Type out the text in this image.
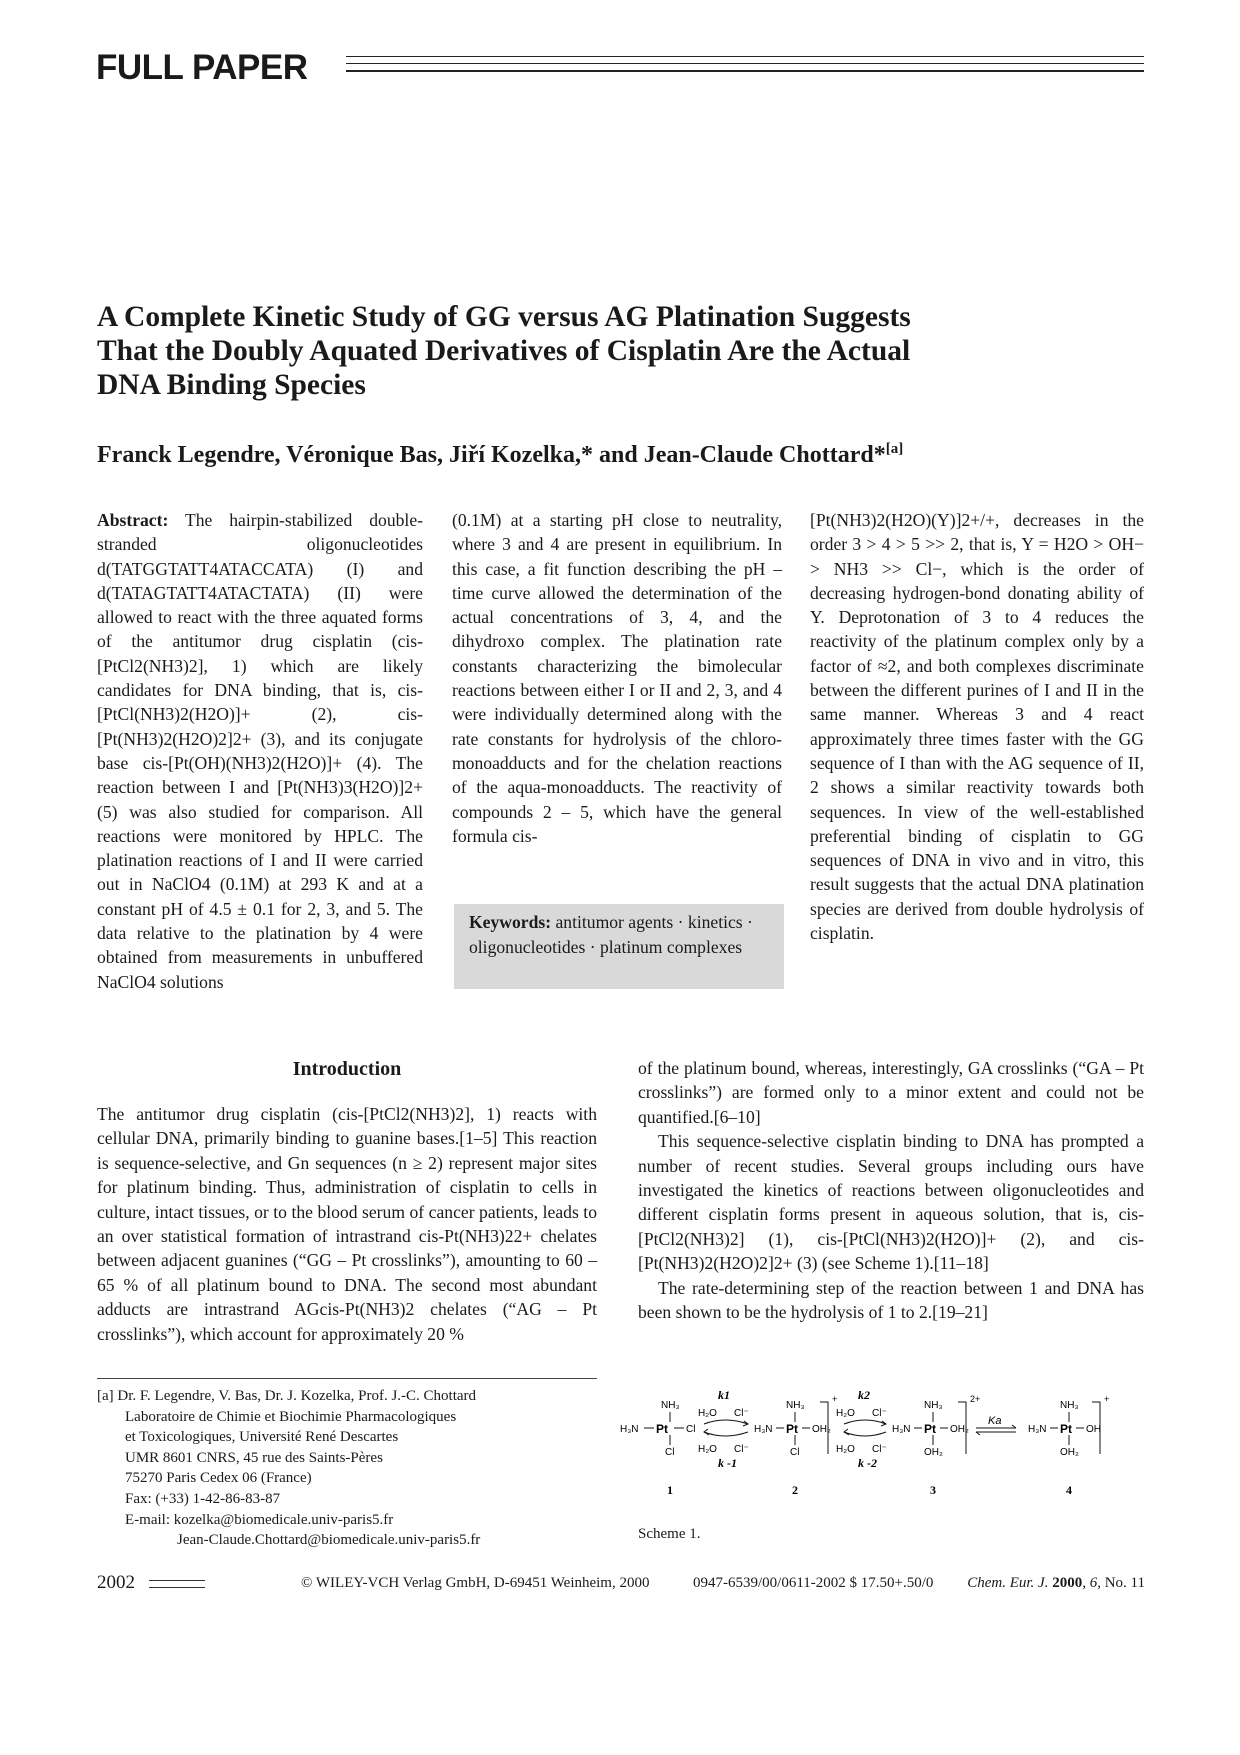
FULL PAPER
A Complete Kinetic Study of GG versus AG Platination Suggests
That the Doubly Aquated Derivatives of Cisplatin Are the Actual
DNA Binding Species
Franck Legendre, Véronique Bas, Jiří Kozelka,* and Jean-Claude Chottard*[a]
Abstract: The hairpin-stabilized double-stranded oligonucleotides d(TATGGTATT4ATACCATA) (I) and d(TATAGTATT4ATACTATA) (II) were allowed to react with the three aquated forms of the antitumor drug cisplatin (cis-[PtCl2(NH3)2], 1) which are likely candidates for DNA binding, that is, cis-[PtCl(NH3)2(H2O)]+ (2), cis-[Pt(NH3)2(H2O)2]2+ (3), and its conjugate base cis-[Pt(OH)(NH3)2(H2O)]+ (4). The reaction between I and [Pt(NH3)3(H2O)]2+ (5) was also studied for comparison. All reactions were monitored by HPLC. The platination reactions of I and II were carried out in NaClO4 (0.1M) at 293 K and at a constant pH of 4.5 ± 0.1 for 2, 3, and 5. The data relative to the platination by 4 were obtained from measurements in unbuffered NaClO4 solutions
(0.1M) at a starting pH close to neutrality, where 3 and 4 are present in equilibrium. In this case, a fit function describing the pH – time curve allowed the determination of the actual concentrations of 3, 4, and the dihydroxo complex. The platination rate constants characterizing the bimolecular reactions between either I or II and 2, 3, and 4 were individually determined along with the rate constants for hydrolysis of the chloro-monoadducts and for the chelation reactions of the aqua-monoadducts. The reactivity of compounds 2 – 5, which have the general formula cis-
[Pt(NH3)2(H2O)(Y)]2+/+, decreases in the order 3 > 4 > 5 >> 2, that is, Y = H2O > OH− > NH3 >> Cl−, which is the order of decreasing hydrogen-bond donating ability of Y. Deprotonation of 3 to 4 reduces the reactivity of the platinum complex only by a factor of ≈2, and both complexes discriminate between the different purines of I and II in the same manner. Whereas 3 and 4 react approximately three times faster with the GG sequence of I than with the AG sequence of II, 2 shows a similar reactivity towards both sequences. In view of the well-established preferential binding of cisplatin to GG sequences of DNA in vivo and in vitro, this result suggests that the actual DNA platination species are derived from double hydrolysis of cisplatin.
Keywords: antitumor agents · kinetics · oligonucleotides · platinum complexes
Introduction

The antitumor drug cisplatin (cis-[PtCl2(NH3)2], 1) reacts with cellular DNA, primarily binding to guanine bases.[1–5] This reaction is sequence-selective, and Gn sequences (n ≥ 2) represent major sites for platinum binding. Thus, administration of cisplatin to cells in culture, intact tissues, or to the blood serum of cancer patients, leads to an over statistical formation of intrastrand cis-Pt(NH3)22+ chelates between adjacent guanines (“GG – Pt crosslinks”), amounting to 60 – 65 % of all platinum bound to DNA. The second most abundant adducts are intrastrand AGcis-Pt(NH3)2 chelates (“AG – Pt crosslinks”), which account for approximately 20 %

of the platinum bound, whereas, interestingly, GA crosslinks (“GA – Pt crosslinks”) are formed only to a minor extent and could not be quantified.[6–10]

This sequence-selective cisplatin binding to DNA has prompted a number of recent studies. Several groups including ours have investigated the kinetics of reactions between oligonucleotides and different cisplatin forms present in aqueous solution, that is, cis-[PtCl2(NH3)2] (1), cis-[PtCl(NH3)2(H2O)]+ (2), and cis-[Pt(NH3)2(H2O)2]2+ (3) (see Scheme 1).[11–18]

The rate-determining step of the reaction between 1 and DNA has been shown to be the hydrolysis of 1 to 2.[19–21]

[a] Dr. F. Legendre, V. Bas, Dr. J. Kozelka, Prof. J.-C. Chottard
Laboratoire de Chimie et Biochimie Pharmacologiques
et Toxicologiques, Université René Descartes
UMR 8601 CNRS, 45 rue des Saints-Pères
75270 Paris Cedex 06 (France)
Fax: (+33) 1-42-86-83-87
E-mail: kozelka@biomedicale.univ-paris5.fr
Jean-Claude.Chottard@biomedicale.univ-paris5.fr
NH₃
H₃N Pt Cl
Cl
k1
H₂O Cl⁻
H₂O Cl⁻
k -1
NH₃
H₃N Pt OH₂
Cl
+ k2
H₂O Cl⁻
H₂O Cl⁻
k -2
NH₃
H₃N Pt OH₂
OH₂
2+
Ka
NH₃
H₃N Pt OH
OH₂
+
1	2	3	4
Scheme 1.
2002	© WILEY-VCH Verlag GmbH, D-69451 Weinheim, 2000	0947-6539/00/0611-2002 $ 17.50+.50/0 Chem. Eur. J. 2000, 6, No. 11
